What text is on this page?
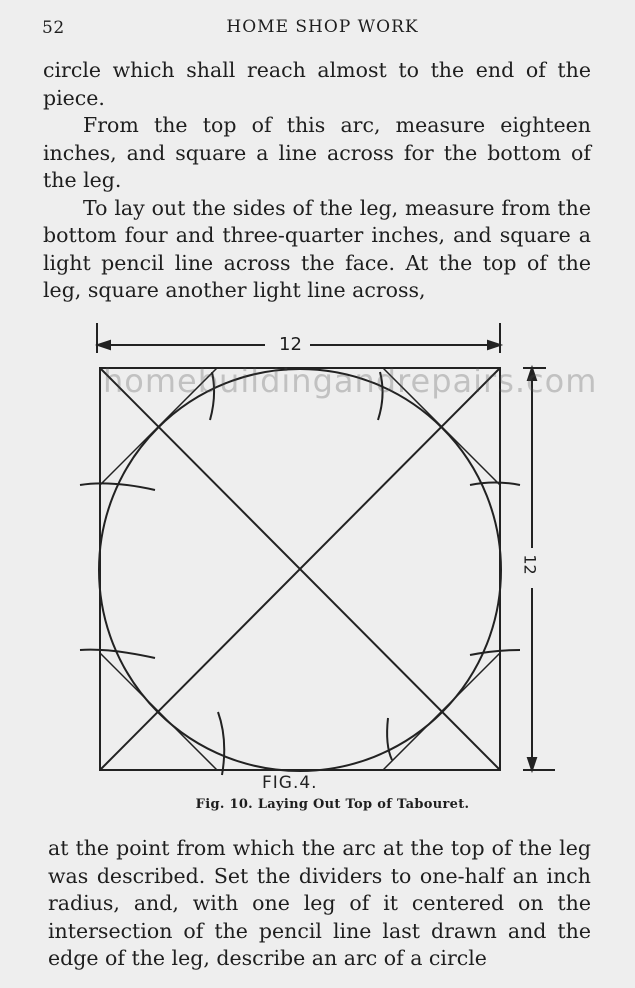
52	HOME SHOP WORK

circle which shall reach almost to the end of the piece.

From the top of this arc, measure eighteen inches, and square a line across for the bottom of the leg.

To lay out the sides of the leg, measure from the bottom four and three-quarter inches, and square a light pencil line across the face. At the top of the leg, square another light line across,

homebuildingandrepairs.com
12
12
FIG.4.
Fig. 10. Laying Out Top of Tabouret.

at the point from which the arc at the top of the leg was described. Set the dividers to one-half an inch radius, and, with one leg of it centered on the intersection of the pencil line last drawn and the edge of the leg, describe an arc of a circle
